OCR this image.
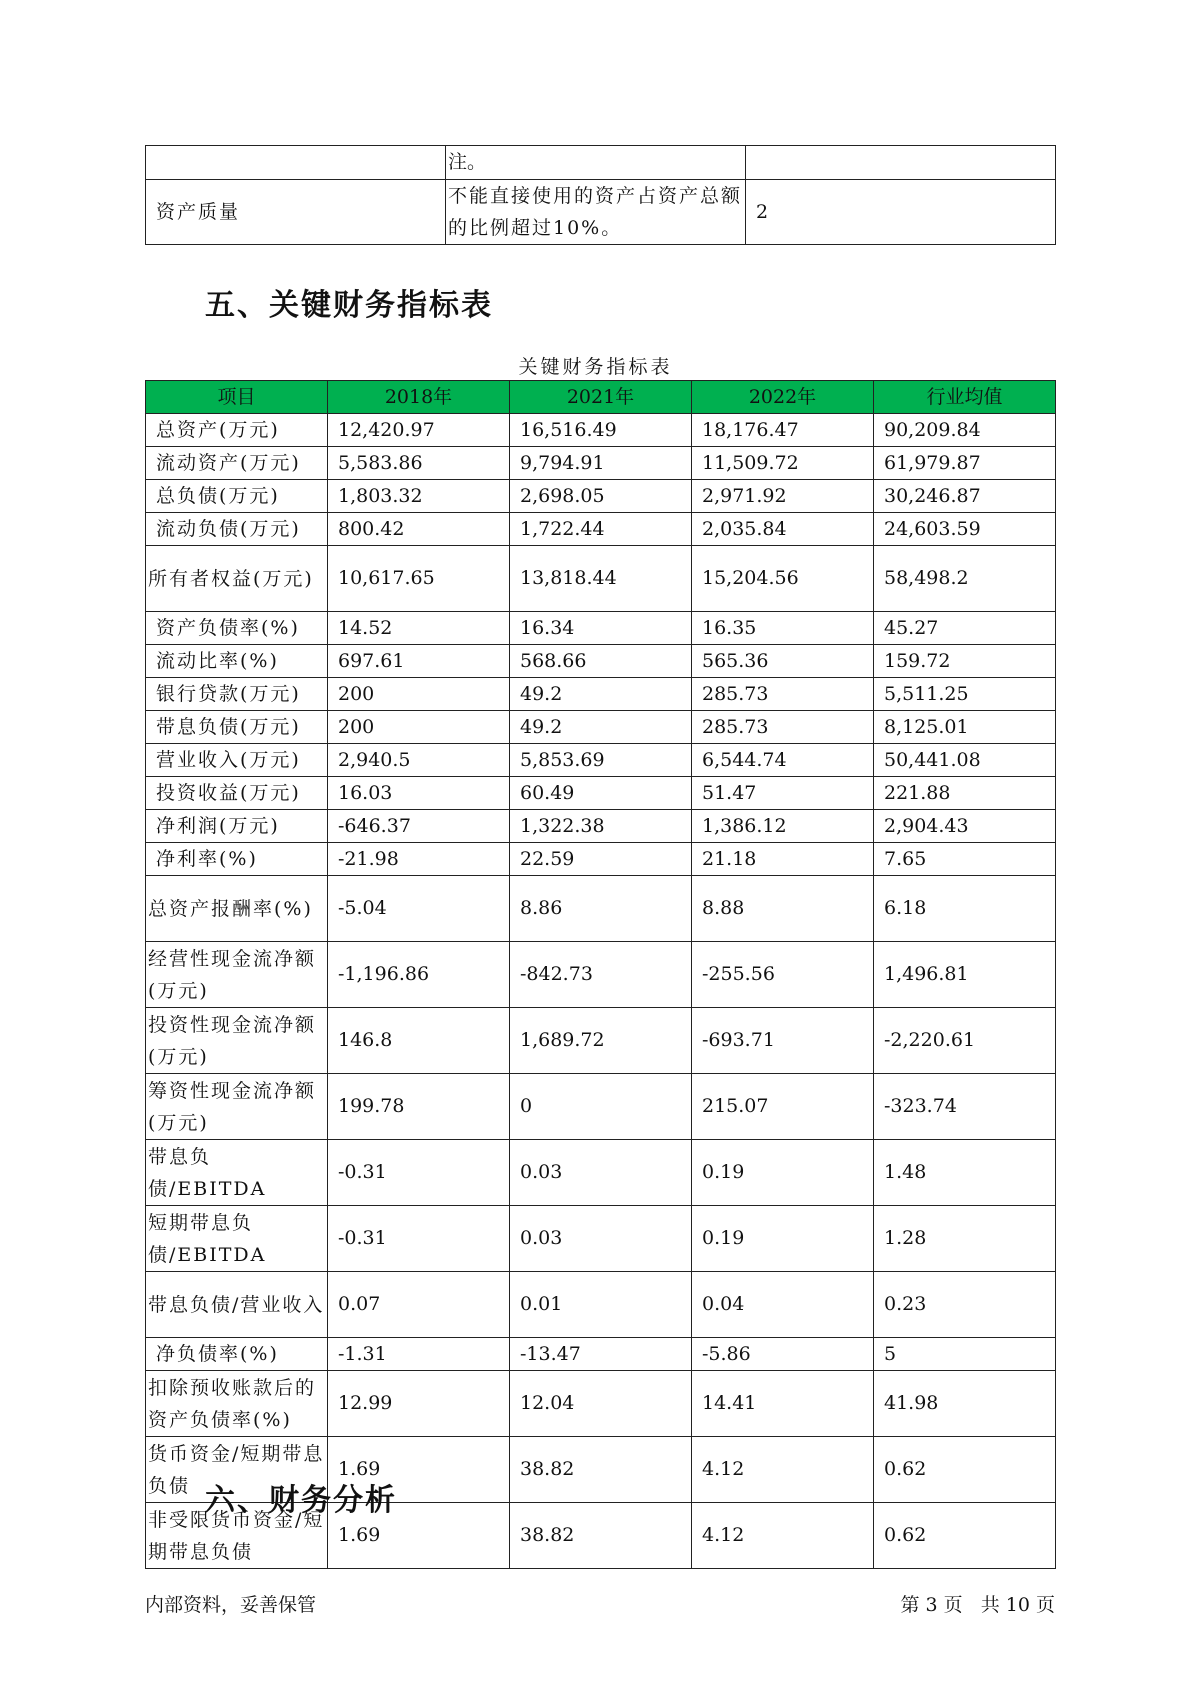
	注。	
资产质量	不能直接使用的资产占资产总额的比例超过10%。	2
五、关键财务指标表
关键财务指标表
项目	2018年	2021年	2022年	行业均值
总资产(万元)	12,420.97	16,516.49	18,176.47	90,209.84
流动资产(万元)	5,583.86	9,794.91	11,509.72	61,979.87
总负债(万元)	1,803.32	2,698.05	2,971.92	30,246.87
流动负债(万元)	800.42	1,722.44	2,035.84	24,603.59
所有者权益(万元)	10,617.65	13,818.44	15,204.56	58,498.2
资产负债率(%)	14.52	16.34	16.35	45.27
流动比率(%)	697.61	568.66	565.36	159.72
银行贷款(万元)	200	49.2	285.73	5,511.25
带息负债(万元)	200	49.2	285.73	8,125.01
营业收入(万元)	2,940.5	5,853.69	6,544.74	50,441.08
投资收益(万元)	16.03	60.49	51.47	221.88
净利润(万元)	-646.37	1,322.38	1,386.12	2,904.43
净利率(%)	-21.98	22.59	21.18	7.65
总资产报酬率(%)	-5.04	8.86	8.88	6.18
经营性现金流净额(万元)	-1,196.86	-842.73	-255.56	1,496.81
投资性现金流净额(万元)	146.8	1,689.72	-693.71	-2,220.61
筹资性现金流净额(万元)	199.78	0	215.07	-323.74
带息负债/EBITDA	-0.31	0.03	0.19	1.48
短期带息负债/EBITDA	-0.31	0.03	0.19	1.28
带息负债/营业收入	0.07	0.01	0.04	0.23
净负债率(%)	-1.31	-13.47	-5.86	5
扣除预收账款后的资产负债率(%)	12.99	12.04	14.41	41.98
货币资金/短期带息负债	1.69	38.82	4.12	0.62
非受限货币资金/短期带息负债	1.69	38.82	4.12	0.62
六、财务分析
内部资料，妥善保管	第 3 页   共 10 页
